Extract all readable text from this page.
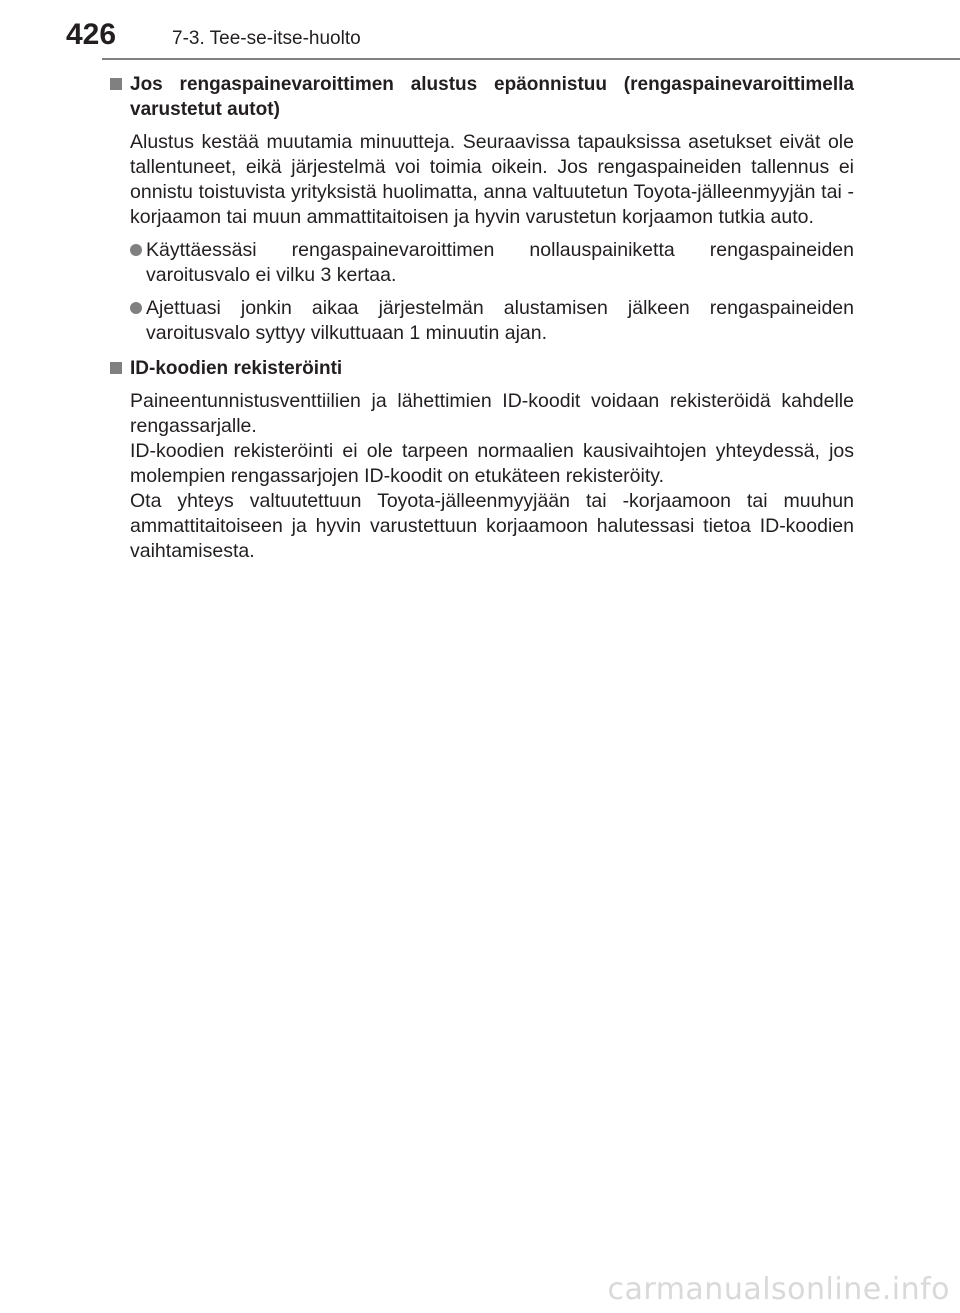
426	7-3. Tee-se-itse-huolto
Jos rengaspainevaroittimen alustus epäonnistuu (rengaspainevaroittimella varustetut autot)
Alustus kestää muutamia minuutteja. Seuraavissa tapauksissa asetukset eivät ole tallentuneet, eikä järjestelmä voi toimia oikein. Jos rengaspaineiden tallennus ei onnistu toistuvista yrityksistä huolimatta, anna valtuutetun Toyota-jälleenmyyjän tai -korjaamon tai muun ammattitaitoisen ja hyvin varustetun korjaamon tutkia auto.
Käyttäessäsi rengaspainevaroittimen nollauspainiketta rengaspaineiden varoitusvalo ei vilku 3 kertaa.
Ajettuasi jonkin aikaa järjestelmän alustamisen jälkeen rengaspaineiden varoitusvalo syttyy vilkuttuaan 1 minuutin ajan.
ID-koodien rekisteröinti
Paineentunnistusventtiilien ja lähettimien ID-koodit voidaan rekisteröidä kahdelle rengassarjalle.
ID-koodien rekisteröinti ei ole tarpeen normaalien kausivaihtojen yhteydessä, jos molempien rengassarjojen ID-koodit on etukäteen rekisteröity.
Ota yhteys valtuutettuun Toyota-jälleenmyyjään tai -korjaamoon tai muuhun ammattitaitoiseen ja hyvin varustettuun korjaamoon halutessasi tietoa ID-koodien vaihtamisesta.
carmanualsonline.info
